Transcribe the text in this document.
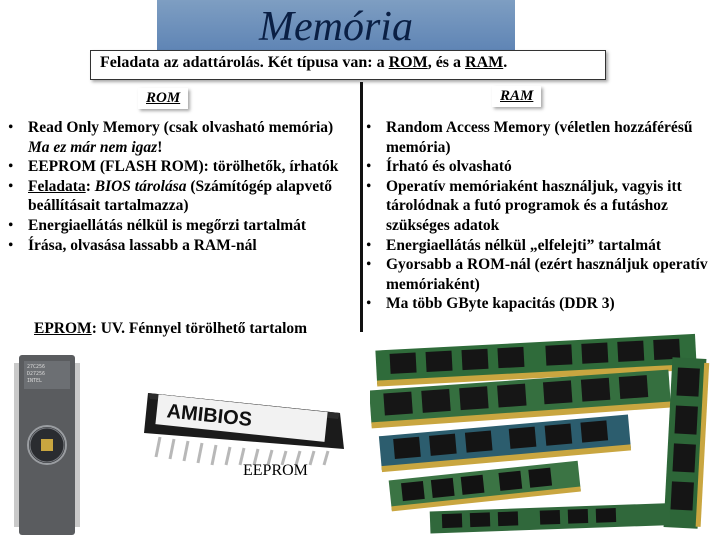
Memória
Feladata az adattárolás. Két típusa van: a ROM, és a RAM.
ROM	RAM
• Read Only Memory (csak olvasható memória)
Ma ez már nem igaz!
• EEPROM (FLASH ROM): törölhetők, írhatók
• Feladata: BIOS tárolása (Számítógép alapvető beállításait tartalmazza)
• Energiaellátás nélkül is megőrzi tartalmát
• Írása, olvasása lassabb a RAM-nál
• Random Access Memory (véletlen hozzáférésű memória)
• Írható és olvasható
• Operatív memóriaként használjuk, vagyis itt tárolódnak a futó programok és a futáshoz szükséges adatok
• Energiaellátás nélkül „elfelejti” tartalmát
• Gyorsabb a ROM-nál (ezért használjuk operatív memóriaként)
• Ma több GByte kapacitás (DDR 3)
EPROM: UV. Fénnyel törölhető tartalom
27C256
D27256
INTEL
AMIBIOS
EEPROM
